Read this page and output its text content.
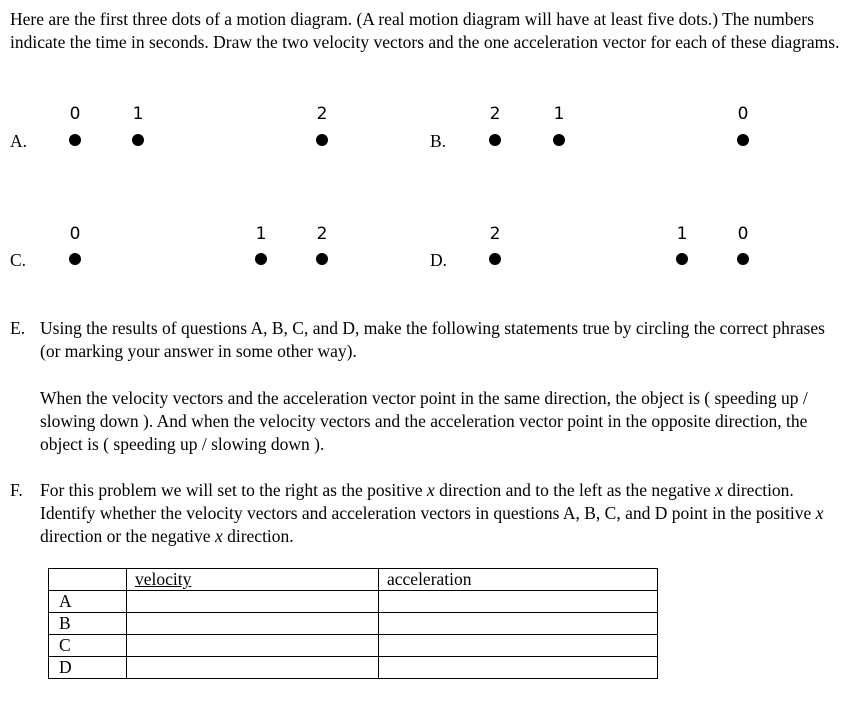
Here are the first three dots of a motion diagram. (A real motion diagram will have at least five dots.) The numbers indicate the time in seconds. Draw the two velocity vectors and the one acceleration vector for each of these diagrams.
A.
0	1	2
B.
2	1	0
C.
0	1	2
D.
2	1	0
E. Using the results of questions A, B, C, and D, make the following statements true by circling the correct phrases (or marking your answer in some other way).
When the velocity vectors and the acceleration vector point in the same direction, the object is ( speeding up / slowing down ). And when the velocity vectors and the acceleration vector point in the opposite direction, the object is ( speeding up / slowing down ).
F. For this problem we will set to the right as the positive x direction and to the left as the negative x direction. Identify whether the velocity vectors and acceleration vectors in questions A, B, C, and D point in the positive x direction or the negative x direction.
	velocity	acceleration
A		
B		
C		
D		
